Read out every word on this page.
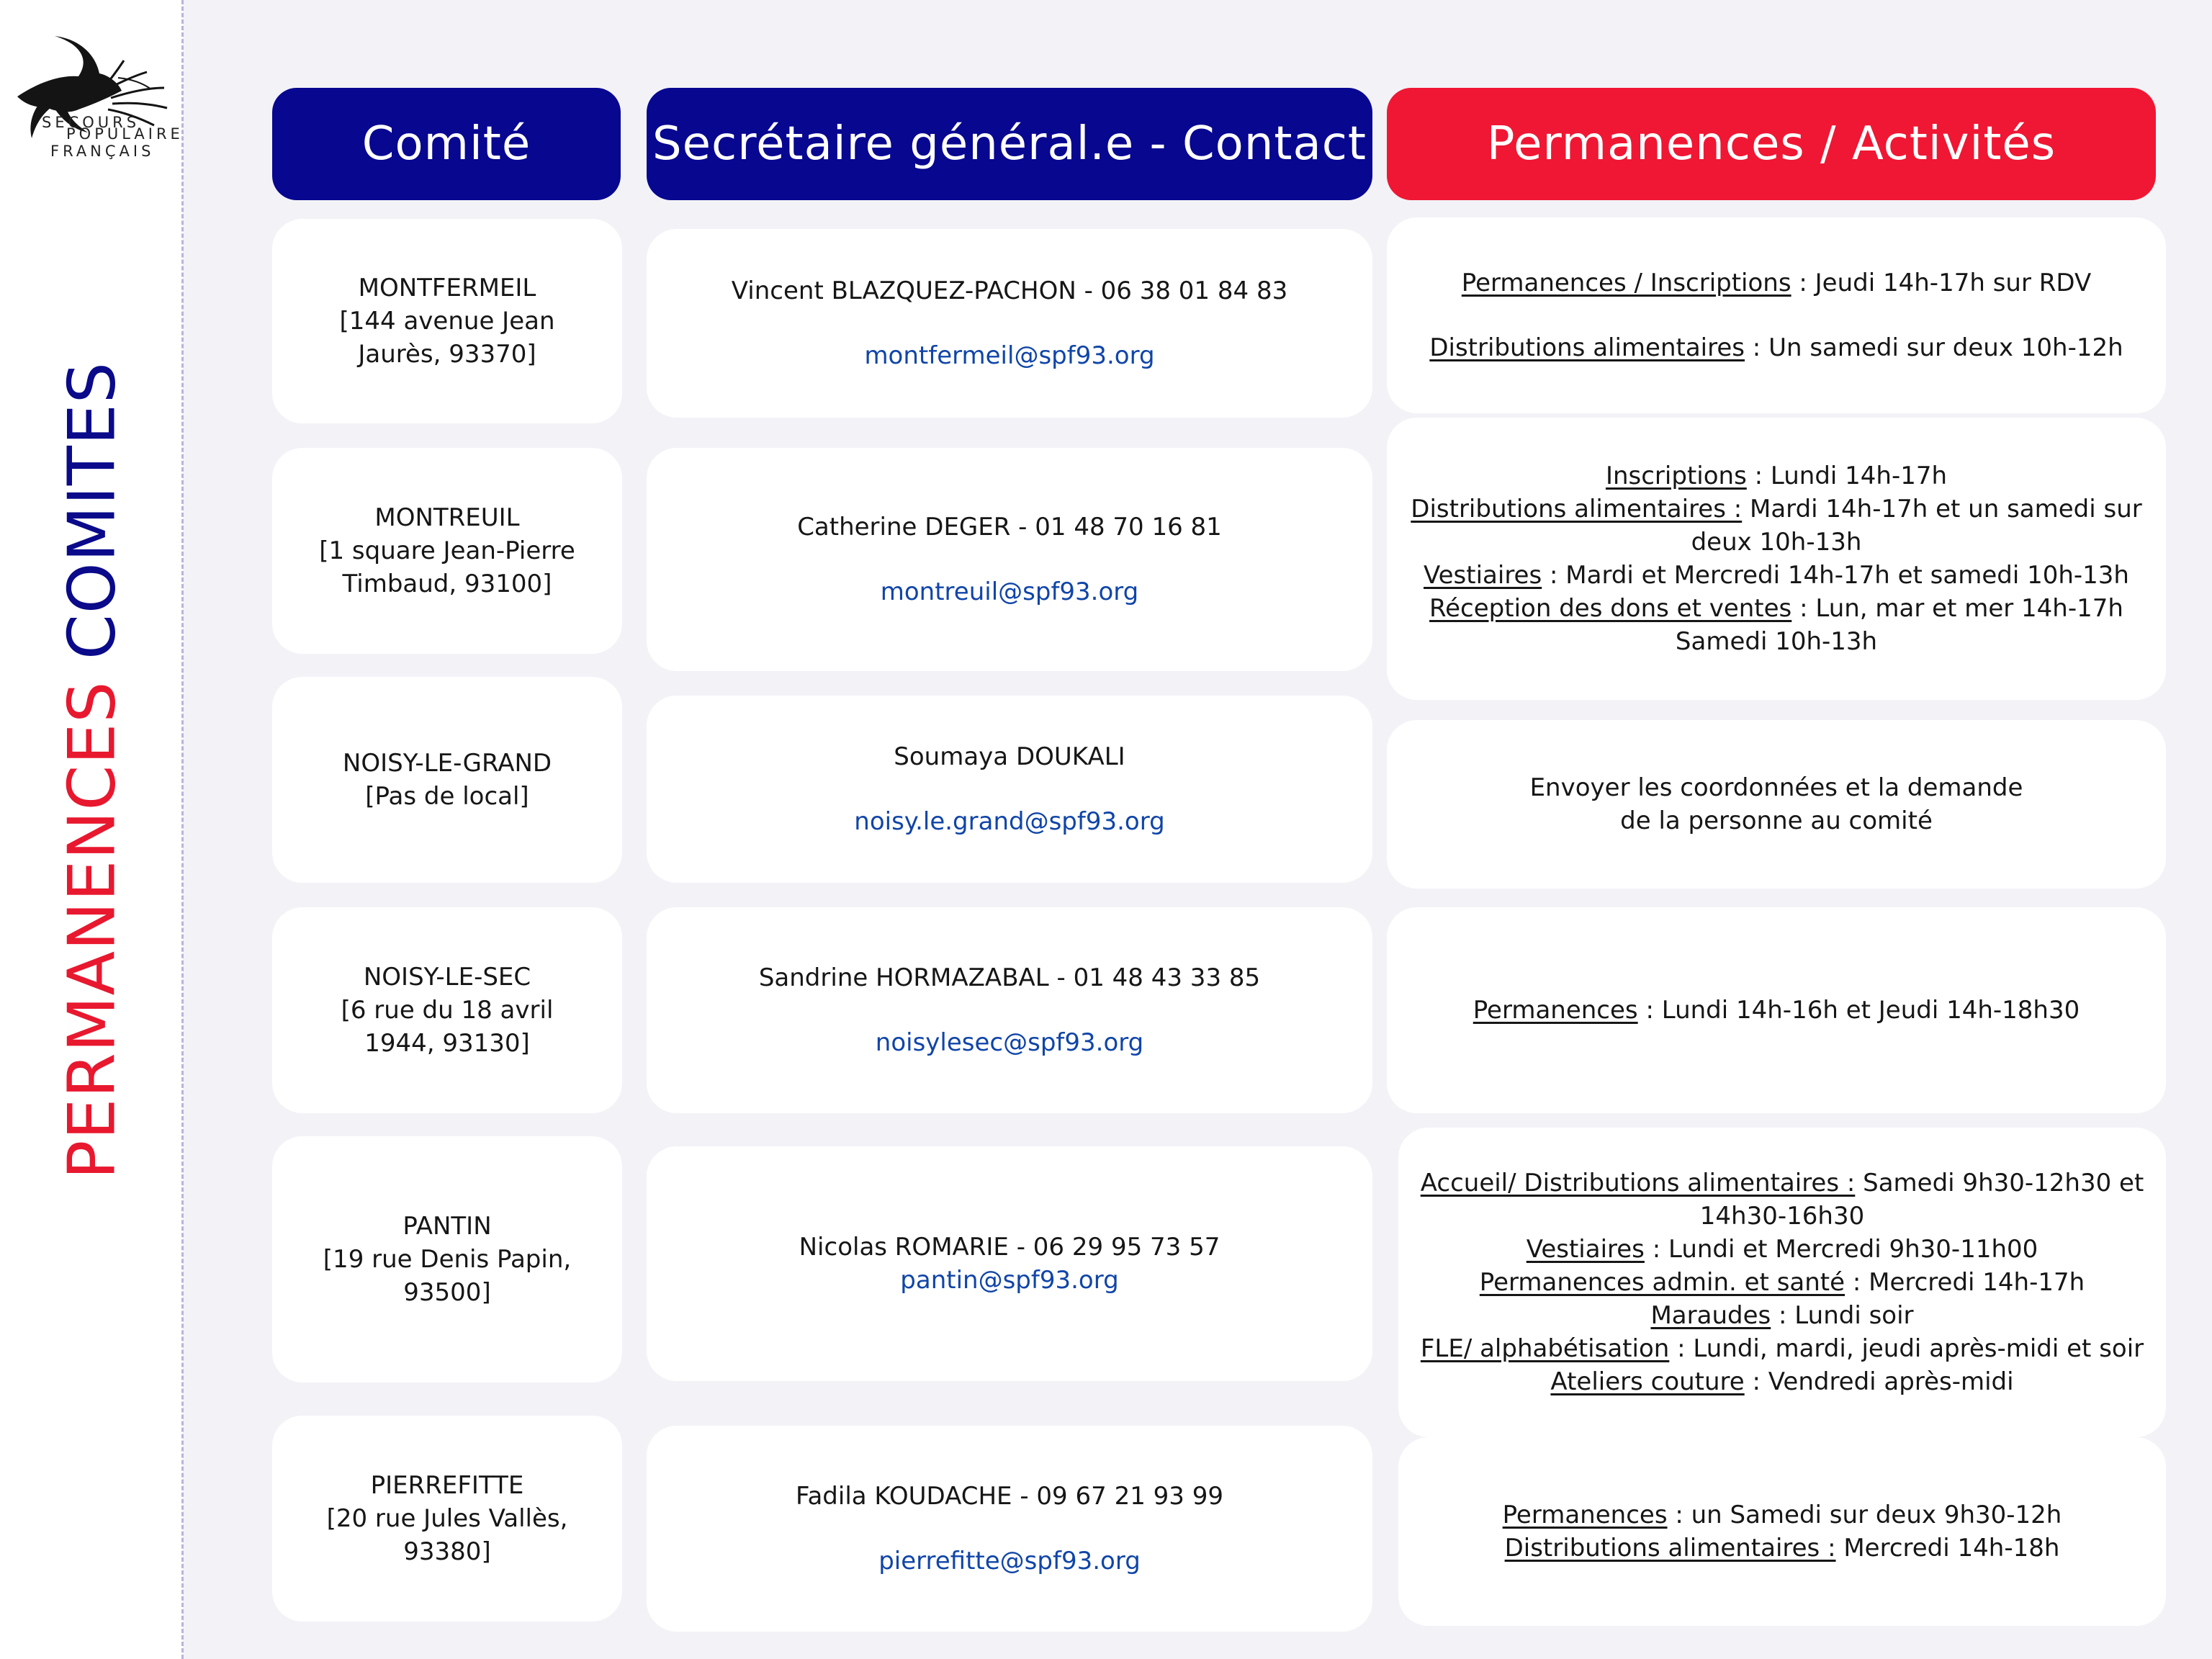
SECOURS
POPULAIRE
FRANÇAIS
PERMANENCES COMITES
Comité	Secrétaire général.e - Contact	Permanences / Activités
MONTFERMEIL
[144 avenue Jean
Jaurès, 93370]
Vincent BLAZQUEZ-PACHON - 06 38 01 84 83
montfermeil@spf93.org
Permanences / Inscriptions : Jeudi 14h-17h sur RDV
Distributions alimentaires : Un samedi sur deux 10h-12h
MONTREUIL
[1 square Jean-Pierre
Timbaud, 93100]
Catherine DEGER - 01 48 70 16 81
montreuil@spf93.org
Inscriptions : Lundi 14h-17h
Distributions alimentaires : Mardi 14h-17h et un samedi sur
deux 10h-13h
Vestiaires : Mardi et Mercredi 14h-17h et samedi 10h-13h
Réception des dons et ventes : Lun, mar et mer 14h-17h
Samedi 10h-13h
NOISY-LE-GRAND
[Pas de local]
Soumaya DOUKALI
noisy.le.grand@spf93.org
Envoyer les coordonnées et la demande
de la personne au comité
NOISY-LE-SEC
[6 rue du 18 avril
1944, 93130]
Sandrine HORMAZABAL - 01 48 43 33 85
noisylesec@spf93.org
Permanences : Lundi 14h-16h et Jeudi 14h-18h30
PANTIN
[19 rue Denis Papin,
93500]
Nicolas ROMARIE - 06 29 95 73 57
pantin@spf93.org
Accueil/ Distributions alimentaires : Samedi 9h30-12h30 et
14h30-16h30
Vestiaires : Lundi et Mercredi 9h30-11h00
Permanences admin. et santé : Mercredi 14h-17h
Maraudes : Lundi soir
FLE/ alphabétisation : Lundi, mardi, jeudi après-midi et soir
Ateliers couture : Vendredi après-midi
PIERREFITTE
[20 rue Jules Vallès,
93380]
Fadila KOUDACHE - 09 67 21 93 99
pierrefitte@spf93.org
Permanences : un Samedi sur deux 9h30-12h
Distributions alimentaires : Mercredi 14h-18h
